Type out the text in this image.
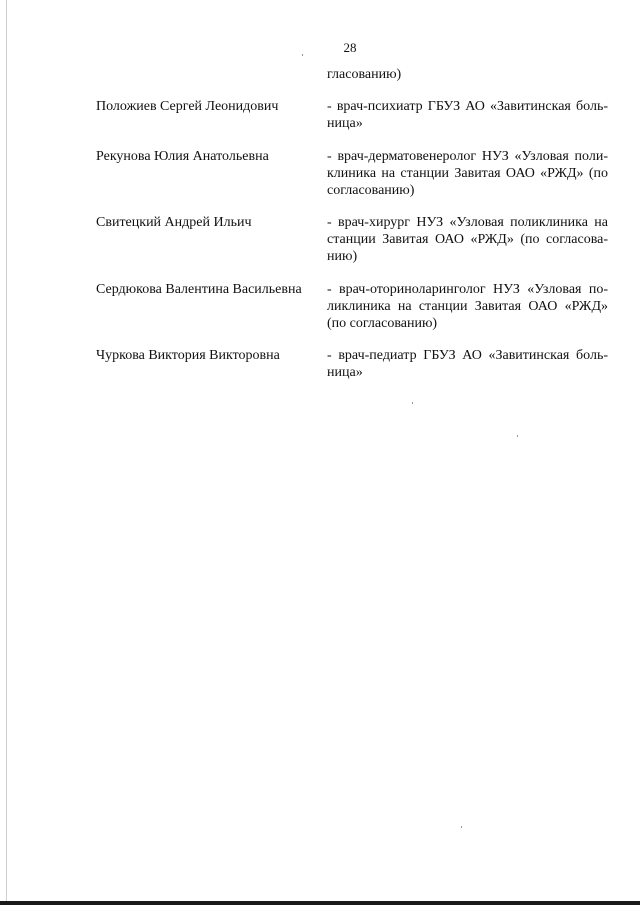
28
гласованию)
Положиев Сергей Леонидович	- врач-психиатр ГБУЗ АО «Завитинская боль-
ница»
Рекунова Юлия Анатольевна	- врач-дерматовенеролог НУЗ «Узловая поли-
клиника на станции Завитая ОАО «РЖД» (по
согласованию)
Свитецкий Андрей Ильич	- врач-хирург НУЗ «Узловая поликлиника на
станции Завитая ОАО «РЖД» (по согласова-
нию)
Сердюкова Валентина Васильевна	- врач-оториноларинголог НУЗ «Узловая по-
ликлиника на станции Завитая ОАО «РЖД»
(по согласованию)
Чуркова Виктория Викторовна	- врач-педиатр ГБУЗ АО «Завитинская боль-
ница»
